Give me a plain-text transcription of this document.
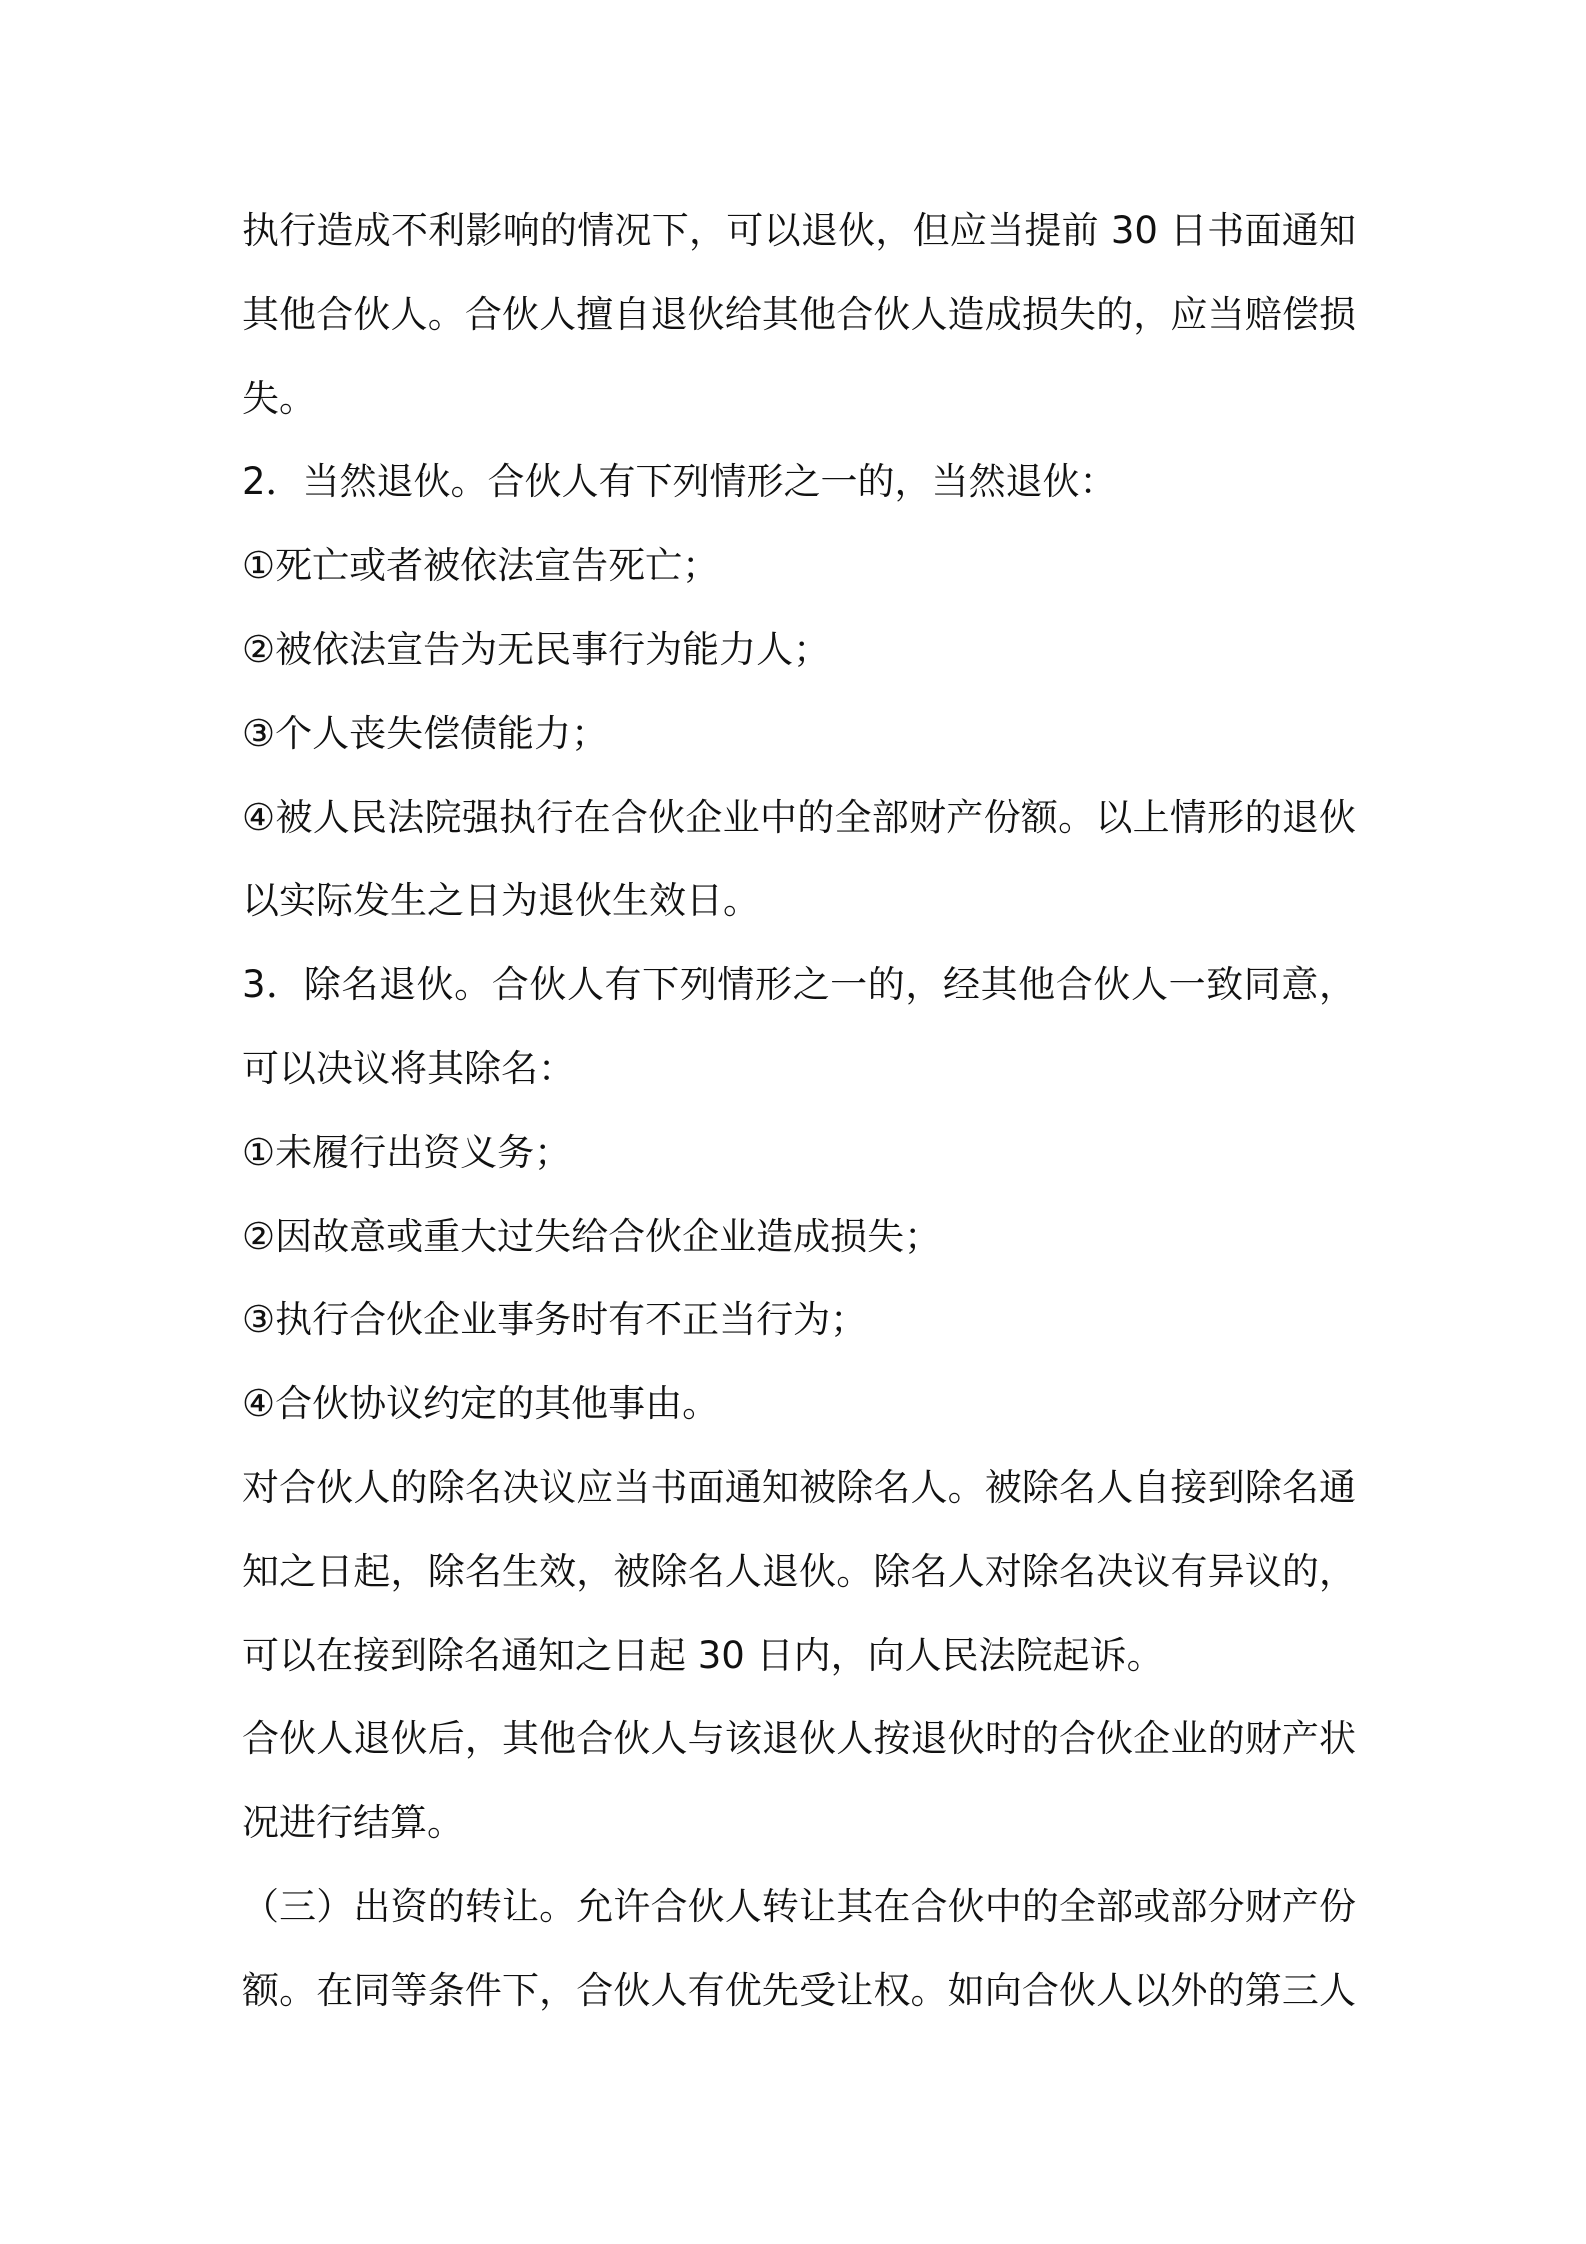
执行造成不利影响的情况下，可以退伙，但应当提前 30 日书面通知
其他合伙人。合伙人擅自退伙给其他合伙人造成损失的，应当赔偿损
失。
2．当然退伙。合伙人有下列情形之一的，当然退伙：
①死亡或者被依法宣告死亡；
②被依法宣告为无民事行为能力人；
③个人丧失偿债能力；
④被人民法院强执行在合伙企业中的全部财产份额。以上情形的退伙
以实际发生之日为退伙生效日。
3．除名退伙。合伙人有下列情形之一的，经其他合伙人一致同意，
可以决议将其除名：
①未履行出资义务；
②因故意或重大过失给合伙企业造成损失；
③执行合伙企业事务时有不正当行为；
④合伙协议约定的其他事由。
对合伙人的除名决议应当书面通知被除名人。被除名人自接到除名通
知之日起，除名生效，被除名人退伙。除名人对除名决议有异议的，
可以在接到除名通知之日起 30 日内，向人民法院起诉。
合伙人退伙后，其他合伙人与该退伙人按退伙时的合伙企业的财产状
况进行结算。
（三）出资的转让。允许合伙人转让其在合伙中的全部或部分财产份
额。在同等条件下，合伙人有优先受让权。如向合伙人以外的第三人
